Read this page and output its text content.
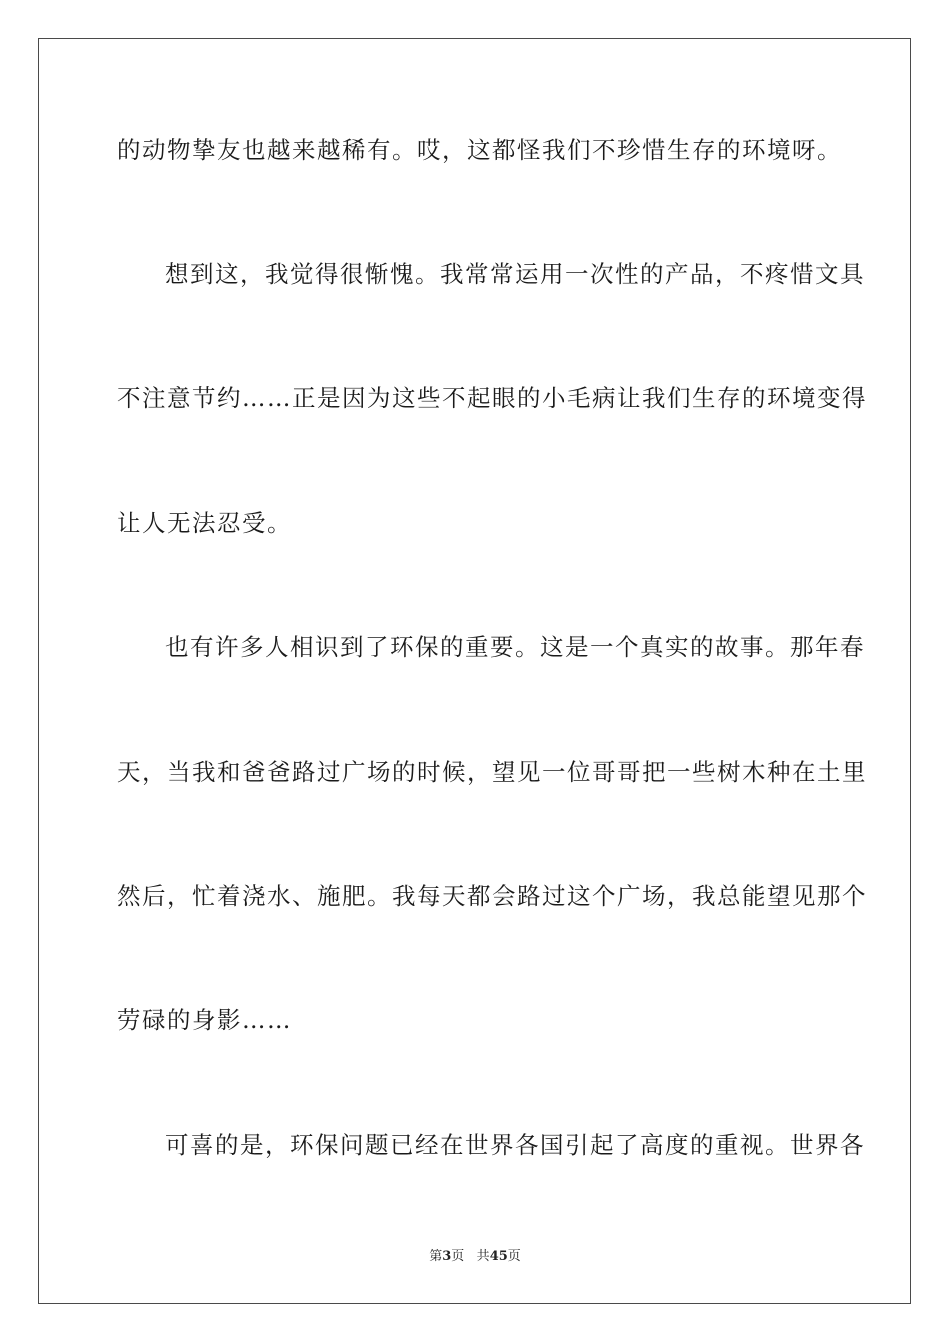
的动物挚友也越来越稀有。哎，这都怪我们不珍惜生存的环境呀。
想到这，我觉得很惭愧。我常常运用一次性的产品，不疼惜文具
不注意节约……正是因为这些不起眼的小毛病让我们生存的环境变得
让人无法忍受。
也有许多人相识到了环保的重要。这是一个真实的故事。那年春
天，当我和爸爸路过广场的时候，望见一位哥哥把一些树木种在土里
然后，忙着浇水、施肥。我每天都会路过这个广场，我总能望见那个
劳碌的身影……
可喜的是，环保问题已经在世界各国引起了高度的重视。世界各
第3页 共45页
